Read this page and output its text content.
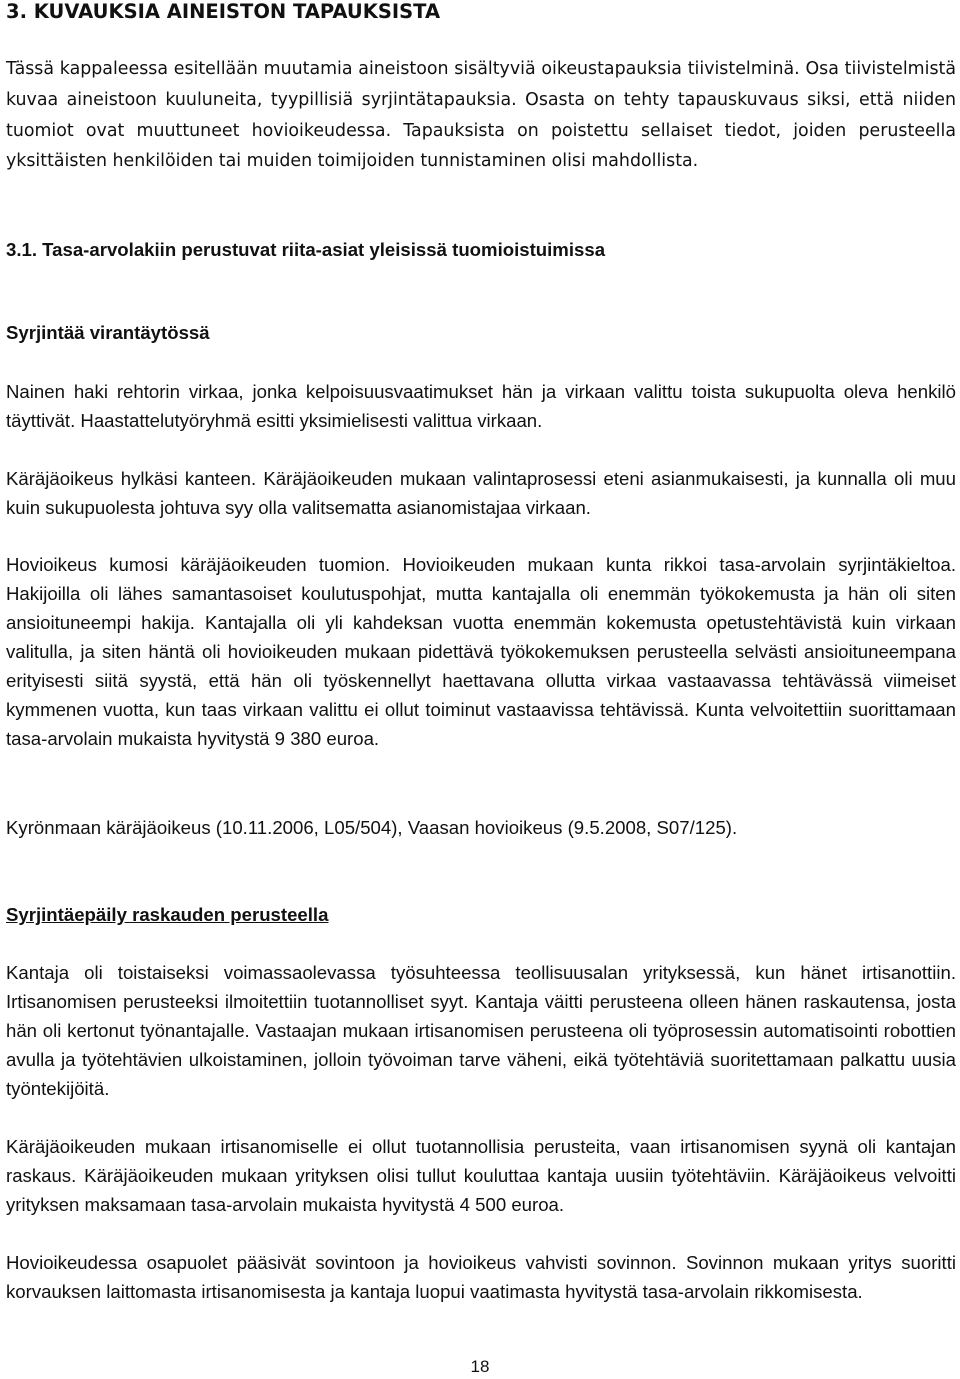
3. KUVAUKSIA AINEISTON TAPAUKSISTA

Tässä kappaleessa esitellään muutamia aineistoon sisältyviä oikeustapauksia tiivistelminä. Osa tiivistelmistä kuvaa aineistoon kuuluneita, tyypillisiä syrjintätapauksia. Osasta on tehty tapauskuvaus siksi, että niiden tuomiot ovat muuttuneet hovioikeudessa. Tapauksista on poistettu sellaiset tiedot, joiden perusteella yksittäisten henkilöiden tai muiden toimijoiden tunnistaminen olisi mahdollista.

3.1. Tasa-arvolakiin perustuvat riita-asiat yleisissä tuomioistuimissa

Syrjintää virantäytössä

Nainen haki rehtorin virkaa, jonka kelpoisuusvaatimukset hän ja virkaan valittu toista sukupuolta oleva henkilö täyttivät. Haastattelutyöryhmä esitti yksimielisesti valittua virkaan.

Käräjäoikeus hylkäsi kanteen. Käräjäoikeuden mukaan valintaprosessi eteni asianmukaisesti, ja kunnalla oli muu kuin sukupuolesta johtuva syy olla valitsematta asianomistajaa virkaan.

Hovioikeus kumosi käräjäoikeuden tuomion. Hovioikeuden mukaan kunta rikkoi tasa-arvolain syrjintäkieltoa. Hakijoilla oli lähes samantasoiset koulutuspohjat, mutta kantajalla oli enemmän työkokemusta ja hän oli siten ansioituneempi hakija. Kantajalla oli yli kahdeksan vuotta enemmän kokemusta opetustehtävistä kuin virkaan valitulla, ja siten häntä oli hovioikeuden mukaan pidettävä työkokemuksen perusteella selvästi ansioituneempana erityisesti siitä syystä, että hän oli työskennellyt haettavana ollutta virkaa vastaavassa tehtävässä viimeiset kymmenen vuotta, kun taas virkaan valittu ei ollut toiminut vastaavissa tehtävissä. Kunta velvoitettiin suorittamaan tasa-arvolain mukaista hyvitystä 9 380 euroa.

Kyrönmaan käräjäoikeus (10.11.2006, L05/504), Vaasan hovioikeus (9.5.2008, S07/125).

Syrjintäepäily raskauden perusteella

Kantaja oli toistaiseksi voimassaolevassa työsuhteessa teollisuusalan yrityksessä, kun hänet irtisanottiin. Irtisanomisen perusteeksi ilmoitettiin tuotannolliset syyt. Kantaja väitti perusteena olleen hänen raskautensa, josta hän oli kertonut työnantajalle. Vastaajan mukaan irtisanomisen perusteena oli työprosessin automatisointi robottien avulla ja työtehtävien ulkoistaminen, jolloin työvoiman tarve väheni, eikä työtehtäviä suoritettamaan palkattu uusia työntekijöitä.

Käräjäoikeuden mukaan irtisanomiselle ei ollut tuotannollisia perusteita, vaan irtisanomisen syynä oli kantajan raskaus. Käräjäoikeuden mukaan yrityksen olisi tullut kouluttaa kantaja uusiin työtehtäviin. Käräjäoikeus velvoitti yrityksen maksamaan tasa-arvolain mukaista hyvitystä 4 500 euroa.

Hovioikeudessa osapuolet pääsivät sovintoon ja hovioikeus vahvisti sovinnon. Sovinnon mukaan yritys suoritti korvauksen laittomasta irtisanomisesta ja kantaja luopui vaatimasta hyvitystä tasa-arvolain rikkomisesta.

18
